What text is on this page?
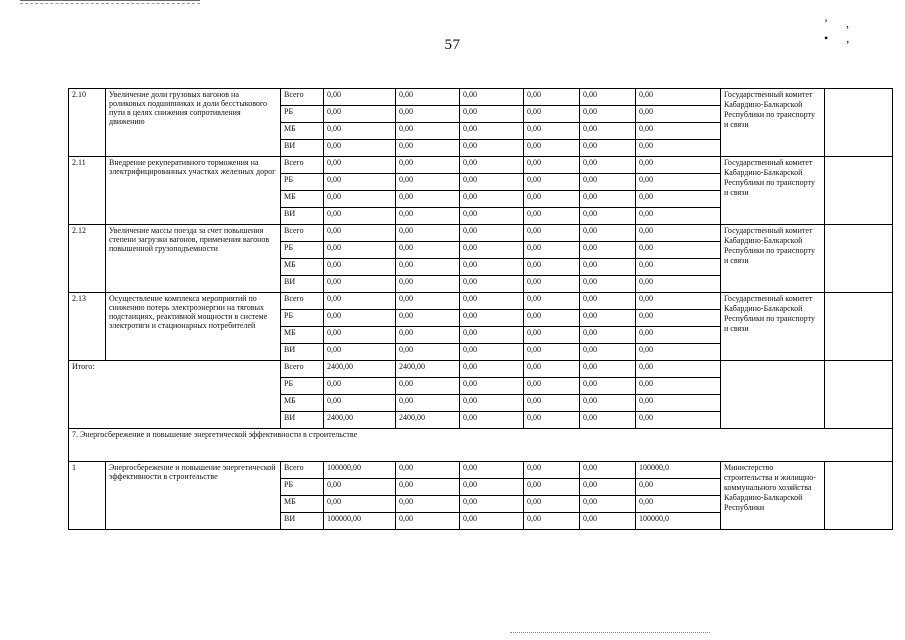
57
’, •,
2.10	Увеличение доли грузовых вагонов на роликовых подшипниках и доли бесстыкового пути в целях снижения сопротивления движению	Всего	0,00	0,00	0,00	0,00	0,00	0,00	Государственный комитет Кабардино-Балкарской Республики по транспорту и связи	
		РБ	0,00	0,00	0,00	0,00	0,00	0,00		
		МБ	0,00	0,00	0,00	0,00	0,00	0,00		
		ВИ	0,00	0,00	0,00	0,00	0,00	0,00		
2.11	Внедрение рекуперативного торможения на электрифицированных участках железных дорог	Всего	0,00	0,00	0,00	0,00	0,00	0,00	Государственный комитет Кабардино-Балкарской Республики по транспорту и связи	
		РБ	0,00	0,00	0,00	0,00	0,00	0,00		
		МБ	0,00	0,00	0,00	0,00	0,00	0,00		
		ВИ	0,00	0,00	0,00	0,00	0,00	0,00		
2.12	Увеличение массы поезда за счет повышения степени загрузки вагонов, применения вагонов повышенной грузоподъемности	Всего	0,00	0,00	0,00	0,00	0,00	0,00	Государственный комитет Кабардино-Балкарской Республики по транспорту и связи	
		РБ	0,00	0,00	0,00	0,00	0,00	0,00		
		МБ	0,00	0,00	0,00	0,00	0,00	0,00		
		ВИ	0,00	0,00	0,00	0,00	0,00	0,00		
2.13	Осуществление комплекса мероприятий по снижению потерь электроэнергии на тяговых подстанциях, реактивной мощности в системе электротяги и стационарных потребителей	Всего	0,00	0,00	0,00	0,00	0,00	0,00	Государственный комитет Кабардино-Балкарской Республики по транспорту и связи	
		РБ	0,00	0,00	0,00	0,00	0,00	0,00		
		МБ	0,00	0,00	0,00	0,00	0,00	0,00		
		ВИ	0,00	0,00	0,00	0,00	0,00	0,00		
Итого:		Всего	2400,00	2400,00	0,00	0,00	0,00	0,00		
		РБ	0,00	0,00	0,00	0,00	0,00	0,00		
		МБ	0,00	0,00	0,00	0,00	0,00	0,00		
		ВИ	2400,00	2400,00	0,00	0,00	0,00	0,00		
7. Энергосбережение и повышение энергетической эффективности в строительстве										
1	Энергосбережение и повышение энергетической эффективности в строительстве	Всего	100000,00	0,00	0,00	0,00	0,00	100000,0	Министерство строительства и жилищно-коммунального хозяйства Кабардино-Балкарской Республики	
		РБ	0,00	0,00	0,00	0,00	0,00	0,00		
		МБ	0,00	0,00	0,00	0,00	0,00	0,00		
		ВИ	100000,00	0,00	0,00	0,00	0,00	100000,0		
